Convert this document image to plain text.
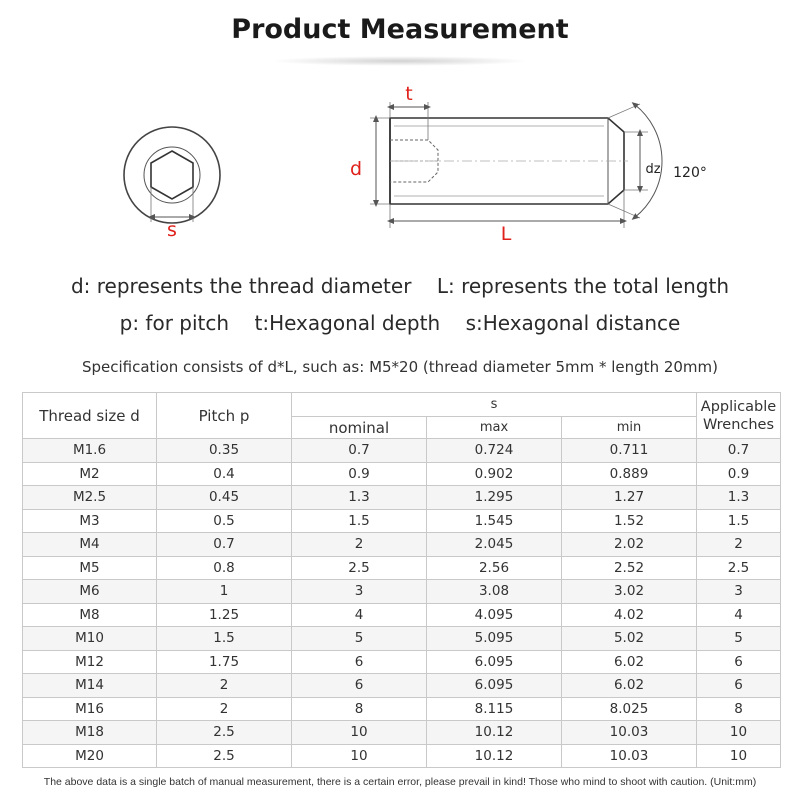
Product Measurement
s
t
d
L
dz 120°
d: represents the thread diameter    L: represents the total length
p: for pitch    t:Hexagonal depth    s:Hexagonal distance
Specification consists of d*L, such as: M5*20 (thread diameter 5mm * length 20mm)
Thread size d	Pitch p	s			Applicable Wrenches
		nominal	max	min	
M1.6	0.35	0.7	0.724	0.711	0.7
M2	0.4	0.9	0.902	0.889	0.9
M2.5	0.45	1.3	1.295	1.27	1.3
M3	0.5	1.5	1.545	1.52	1.5
M4	0.7	2	2.045	2.02	2
M5	0.8	2.5	2.56	2.52	2.5
M6	1	3	3.08	3.02	3
M8	1.25	4	4.095	4.02	4
M10	1.5	5	5.095	5.02	5
M12	1.75	6	6.095	6.02	6
M14	2	6	6.095	6.02	6
M16	2	8	8.115	8.025	8
M18	2.5	10	10.12	10.03	10
M20	2.5	10	10.12	10.03	10
The above data is a single batch of manual measurement, there is a certain error, please prevail in kind! Those who mind to shoot with caution. (Unit:mm)
